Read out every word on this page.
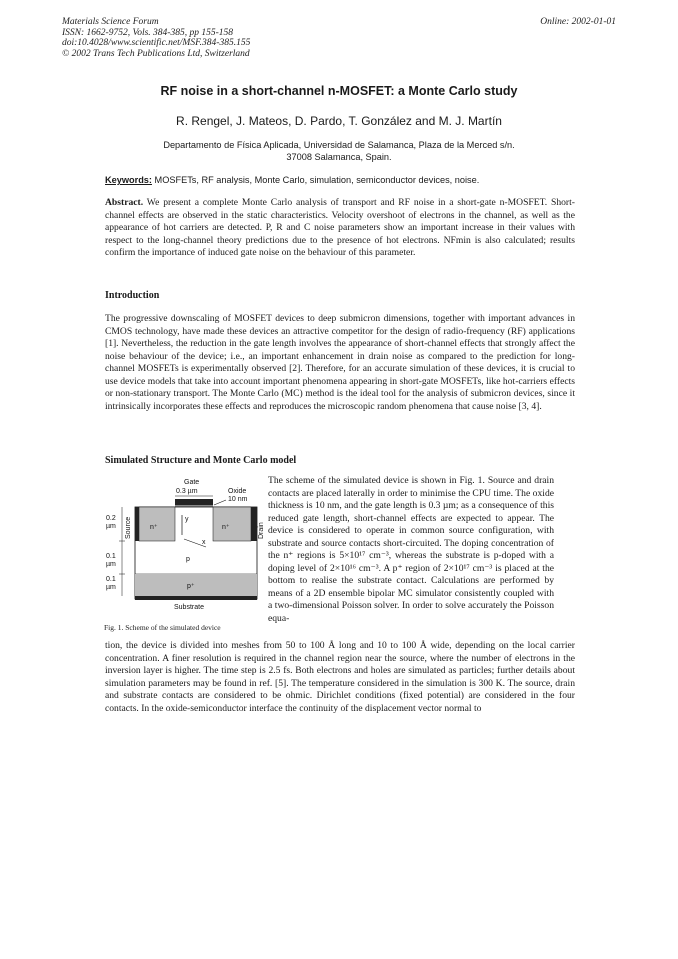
Materials Science Forum
ISSN: 1662-9752, Vols. 384-385, pp 155-158
doi:10.4028/www.scientific.net/MSF.384-385.155
© 2002 Trans Tech Publications Ltd, Switzerland
Online: 2002-01-01
RF noise in a short-channel n-MOSFET: a Monte Carlo study
R. Rengel, J. Mateos, D. Pardo, T. González and M. J. Martín
Departamento de Física Aplicada, Universidad de Salamanca, Plaza de la Merced s/n.
37008 Salamanca, Spain.
Keywords: MOSFETs, RF analysis, Monte Carlo, simulation, semiconductor devices, noise.
Abstract. We present a complete Monte Carlo analysis of transport and RF noise in a short-gate n-MOSFET. Short-channel effects are observed in the static characteristics. Velocity overshoot of electrons in the channel, as well as the appearance of hot carriers are detected. P, R and C noise parameters show an important increase in their values with respect to the long-channel theory predictions due to the presence of hot electrons. NFmin is also calculated; results confirm the importance of induced gate noise on the behaviour of this parameter.
Introduction
The progressive downscaling of MOSFET devices to deep submicron dimensions, together with important advances in CMOS technology, have made these devices an attractive competitor for the design of radio-frequency (RF) applications [1]. Nevertheless, the reduction in the gate length involves the appearance of short-channel effects that strongly affect the noise behaviour of the device; i.e., an important enhancement in drain noise as compared to the prediction for long-channel MOSFETs is experimentally observed [2]. Therefore, for an accurate simulation of these devices, it is crucial to use device models that take into account important phenomena appearing in short-gate MOSFETs, like hot-carriers effects or non-stationary transport. The Monte Carlo (MC) method is the ideal tool for the analysis of submicron devices, since it intrinsically incorporates these effects and reproduces the microscopic random phenomena that cause noise [3, 4].
Simulated Structure and Monte Carlo model
Gate
0.3 µm	Oxide
10 nm
n⁺	n⁺
Source	Drain
y
x
p
p⁺
Substrate
0.2
µm
0.1
µm
0.1
µm
Fig. 1. Scheme of the simulated device
The scheme of the simulated device is shown in Fig. 1. Source and drain contacts are placed laterally in order to minimise the CPU time. The oxide thickness is 10 nm, and the gate length is 0.3 µm; as a consequence of this reduced gate length, short-channel effects are expected to appear. The device is considered to operate in common source configuration, with substrate and source contacts short-circuited. The doping concentration of the n⁺ regions is 5×10¹⁷ cm⁻³, whereas the substrate is p-doped with a doping level of 2×10¹⁶ cm⁻³. A p⁺ region of 2×10¹⁷ cm⁻³ is placed at the bottom to realise the substrate contact. Calculations are performed by means of a 2D ensemble bipolar MC simulator consistently coupled with a two-dimensional Poisson solver. In order to solve accurately the Poisson equa-
tion, the device is divided into meshes from 50 to 100 Å long and 10 to 100 Å wide, depending on the local carrier concentration. A finer resolution is required in the channel region near the source, where the number of electrons in the inversion layer is higher. The time step is 2.5 fs. Both electrons and holes are simulated as particles; further details about simulation parameters may be found in ref. [5]. The temperature considered in the simulation is 300 K. The source, drain and substrate contacts are considered to be ohmic. Dirichlet conditions (fixed potential) are considered in the four contacts. In the oxide-semiconductor interface the continuity of the displacement vector normal to
